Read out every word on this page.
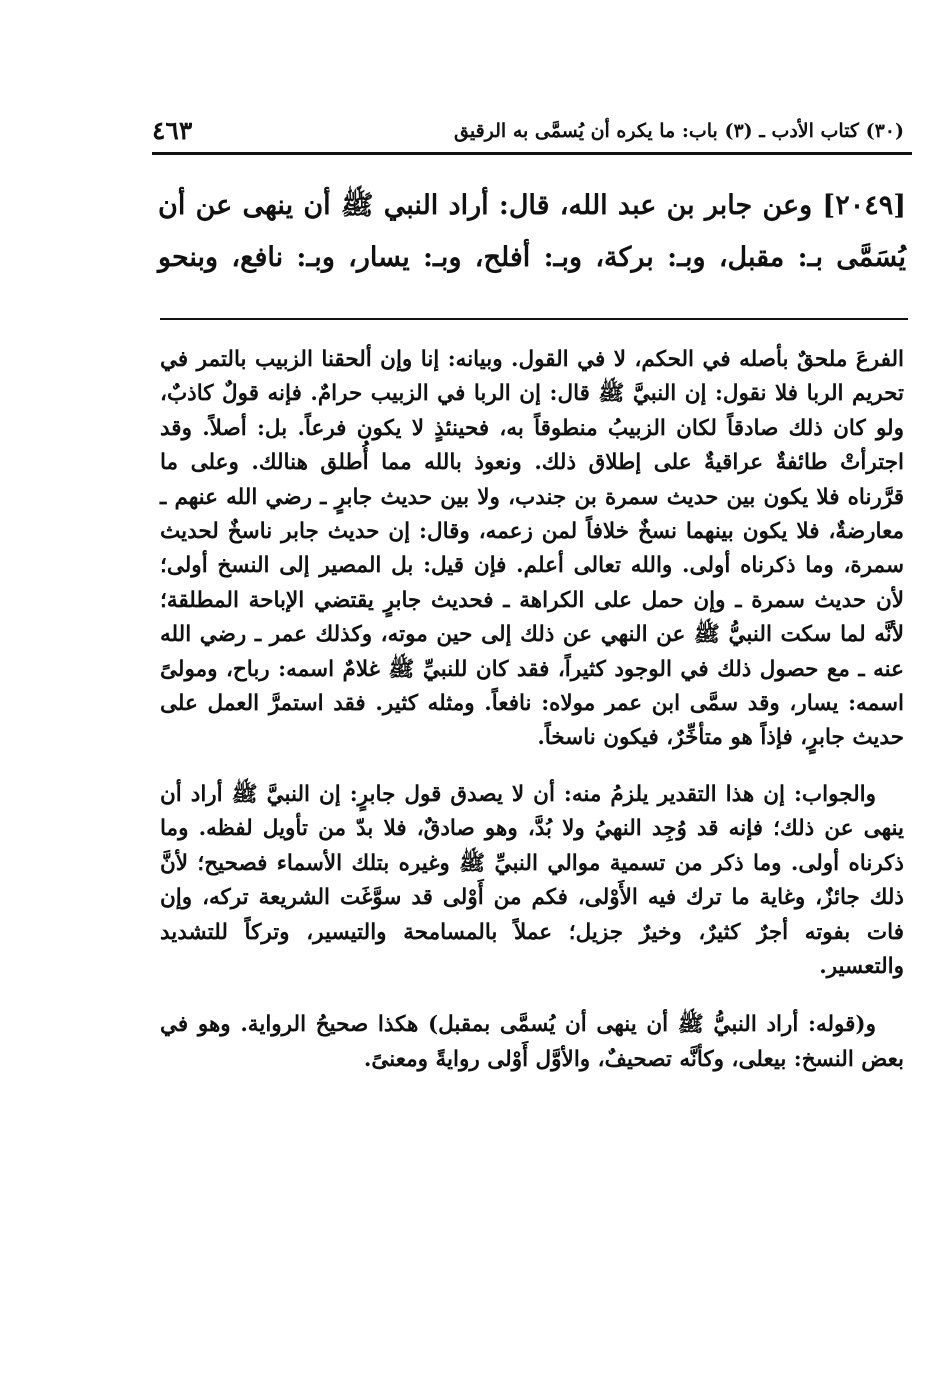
٤٦٣	(٣٠) كتاب الأدب ـ (٣) باب: ما يكره أن يُسمَّى به الرقيق

[٢٠٤٩] وعن جابر بن عبد الله، قال: أراد النبي ﷺ أن ينهى عن أن يُسَمَّى بـ: مقبل، وبـ: بركة، وبـ: أفلح، وبـ: يسار، وبـ: نافع، وبنحو

الفرعَ ملحقٌ بأصله في الحكم، لا في القول. وبيانه: إنا وإن ألحقنا الزبيب بالتمر في تحريم الربا فلا نقول: إن النبيَّ ﷺ قال: إن الربا في الزبيب حرامٌ. فإنه قولٌ كاذبٌ، ولو كان ذلك صادقاً لكان الزبيبُ منطوقاً به، فحينئذٍ لا يكون فرعاً. بل: أصلاً. وقد اجترأتْ طائفةٌ عراقيةٌ على إطلاق ذلك. ونعوذ بالله مما أُطلق هنالك. وعلى ما قرَّرناه فلا يكون بين حديث سمرة بن جندب، ولا بين حديث جابرٍ ـ رضي الله عنهم ـ معارضةٌ، فلا يكون بينهما نسخٌ خلافاً لمن زعمه، وقال: إن حديث جابر ناسخٌ لحديث سمرة، وما ذكرناه أولى. والله تعالى أعلم. فإن قيل: بل المصير إلى النسخ أولى؛ لأن حديث سمرة ـ وإن حمل على الكراهة ـ فحديث جابرٍ يقتضي الإباحة المطلقة؛ لأنَّه لما سكت النبيُّ ﷺ عن النهي عن ذلك إلى حين موته، وكذلك عمر ـ رضي الله عنه ـ مع حصول ذلك في الوجود كثيراً، فقد كان للنبيِّ ﷺ غلامٌ اسمه: رباح، ومولىً اسمه: يسار، وقد سمَّى ابن عمر مولاه: نافعاً. ومثله كثير. فقد استمرَّ العمل على حديث جابرٍ، فإذاً هو متأخِّرٌ، فيكون ناسخاً.

والجواب: إن هذا التقدير يلزمُ منه: أن لا يصدق قول جابرٍ: إن النبيَّ ﷺ أراد أن ينهى عن ذلك؛ فإنه قد وُجِد النهيُ ولا بُدَّ، وهو صادقٌ، فلا بدّ من تأويل لفظه. وما ذكرناه أولى. وما ذكر من تسمية موالي النبيِّ ﷺ وغيره بتلك الأسماء فصحيح؛ لأنَّ ذلك جائزٌ، وغاية ما ترك فيه الأَوْلى، فكم من أَوْلى قد سوَّغَت الشريعة تركه، وإن فات بفوته أجرٌ كثيرٌ، وخيرٌ جزيل؛ عملاً بالمسامحة والتيسير، وتركاً للتشديد والتعسير.

و(قوله: أراد النبيُّ ﷺ أن ينهى أن يُسمَّى بمقبل) هكذا صحيحُ الرواية. وهو في بعض النسخ: بيعلى، وكأنَّه تصحيفٌ، والأوَّل أَوْلى روايةً ومعنىً.
